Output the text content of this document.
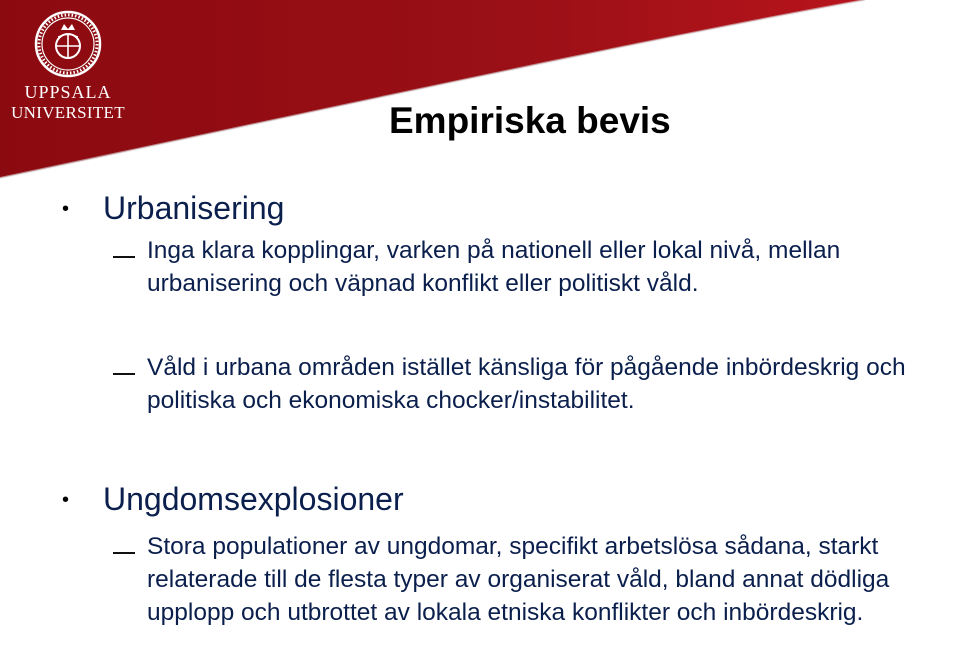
UPPSALA
UNIVERSITET	Empiriska bevis
• Urbanisering

Inga klara kopplingar, varken på nationell eller lokal nivå, mellan urbanisering och väpnad konflikt eller politiskt våld.

Våld i urbana områden istället känsliga för pågående inbördeskrig och politiska och ekonomiska chocker/instabilitet.

• Ungdomsexplosioner

Stora populationer av ungdomar, specifikt arbetslösa sådana, starkt relaterade till de flesta typer av organiserat våld, bland annat dödliga upplopp och utbrottet av lokala etniska konflikter och inbördeskrig.
